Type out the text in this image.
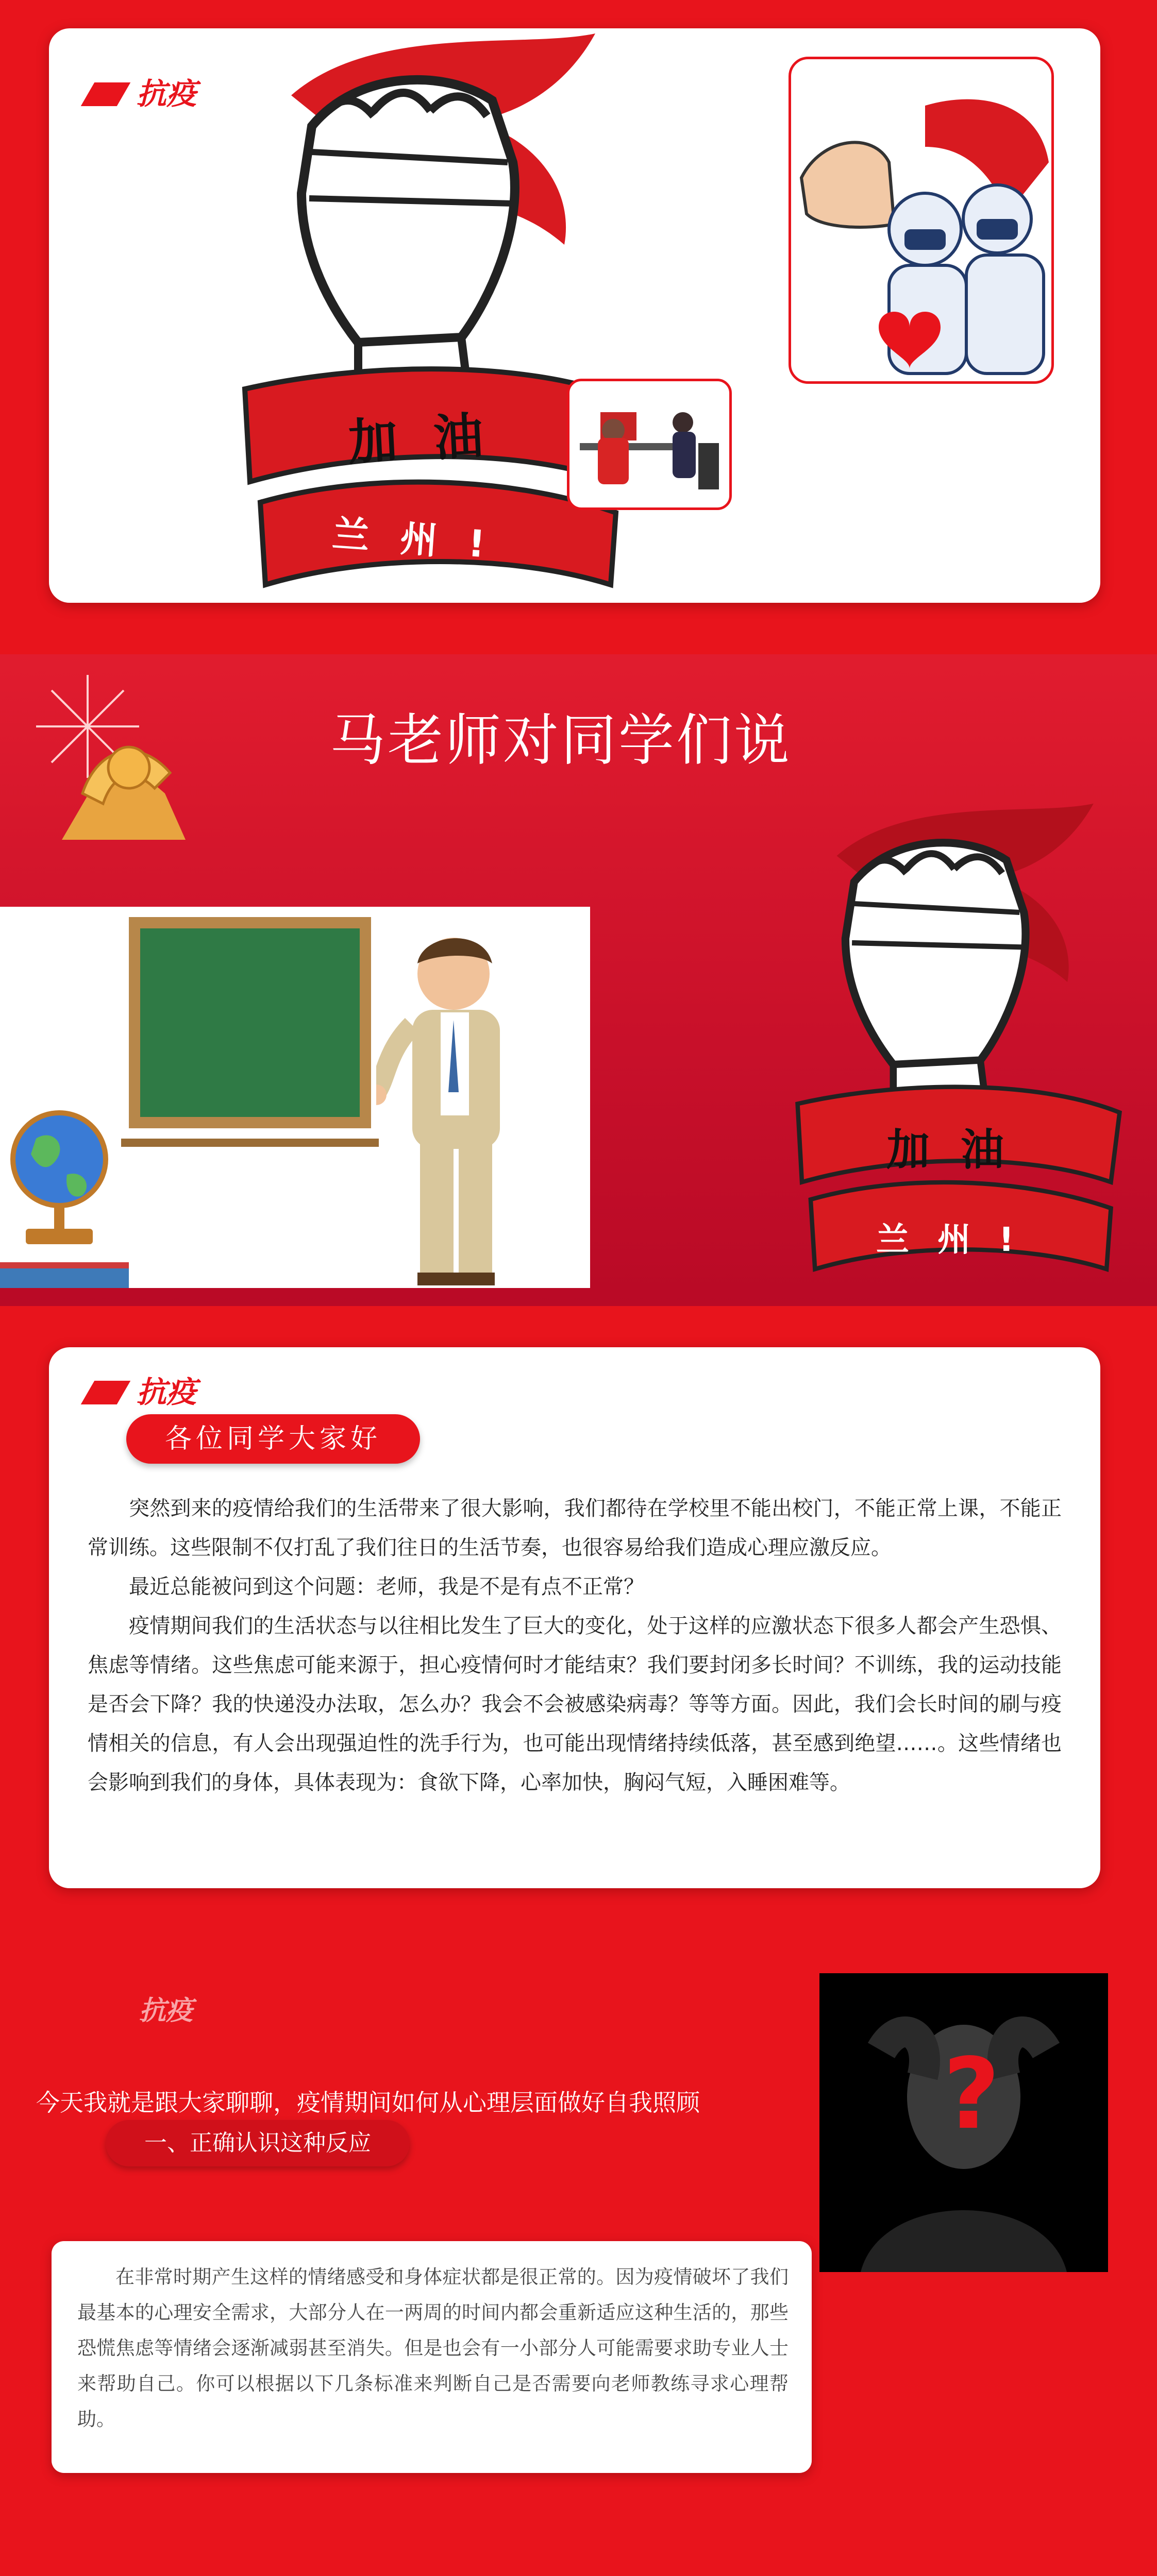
抗疫
加油
兰州!
马老师对同学们说
加油
兰州!
抗疫
各位同学大家好

突然到来的疫情给我们的生活带来了很大影响，我们都待在学校里不能出校门，不能正常上课，不能正常训练。这些限制不仅打乱了我们往日的生活节奏，也很容易给我们造成心理应激反应。

最近总能被问到这个问题：老师，我是不是有点不正常？

疫情期间我们的生活状态与以往相比发生了巨大的变化，处于这样的应激状态下很多人都会产生恐惧、焦虑等情绪。这些焦虑可能来源于，担心疫情何时才能结束？我们要封闭多长时间？不训练，我的运动技能是否会下降？我的快递没办法取，怎么办？我会不会被感染病毒？等等方面。因此，我们会长时间的刷与疫情相关的信息，有人会出现强迫性的洗手行为，也可能出现情绪持续低落，甚至感到绝望……。这些情绪也会影响到我们的身体，具体表现为：食欲下降，心率加快，胸闷气短，入睡困难等。

抗疫
今天我就是跟大家聊聊，疫情期间如何从心理层面做好自我照顾
一、正确认识这种反应	?

在非常时期产生这样的情绪感受和身体症状都是很正常的。因为疫情破坏了我们最基本的心理安全需求，大部分人在一两周的时间内都会重新适应这种生活的，那些恐慌焦虑等情绪会逐渐减弱甚至消失。但是也会有一小部分人可能需要求助专业人士来帮助自己。你可以根据以下几条标准来判断自己是否需要向老师教练寻求心理帮助。
